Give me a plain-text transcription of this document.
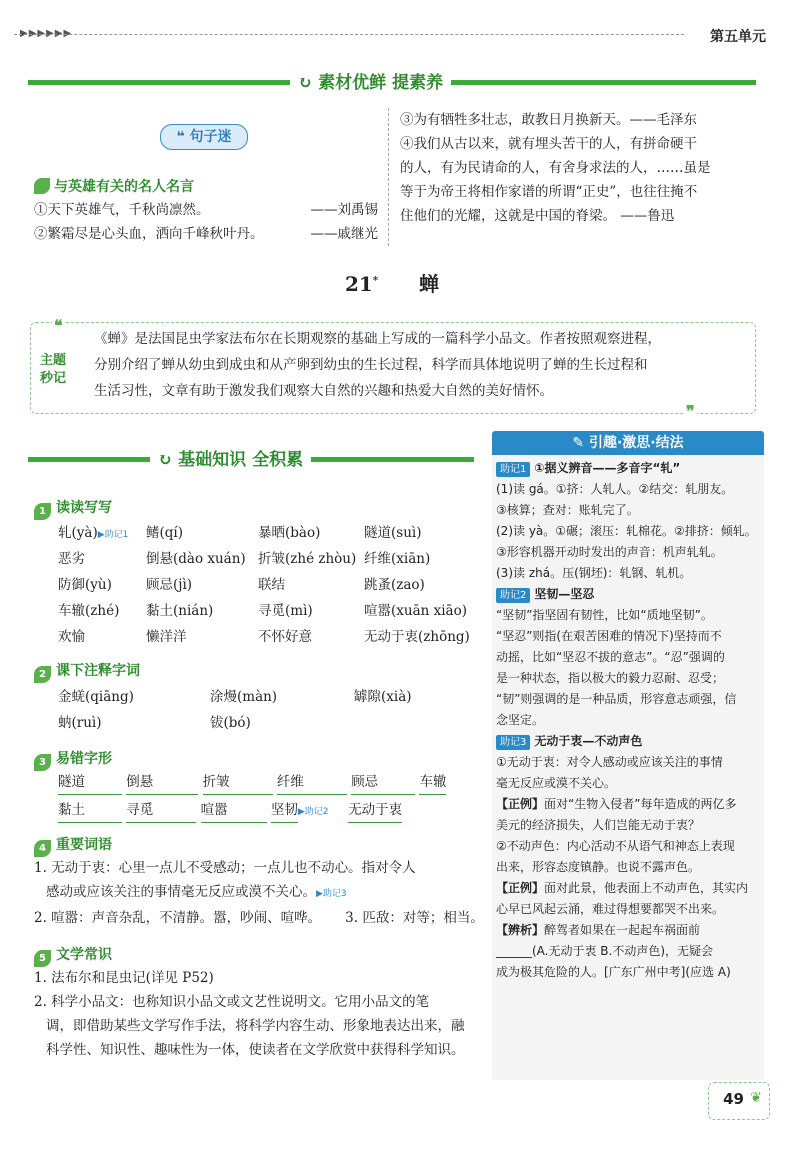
▶▶▶▶▶▶	第五单元
↻ 素材优鲜 提素养
❝ 句子迷
与英雄有关的名人名言
①天下英雄气，千秋尚凛然。	——刘禹锡
②繁霜尽是心头血，洒向千峰秋叶丹。	——戚继光
③为有牺牲多壮志，敢教日月换新天。——毛泽东
④我们从古以来，就有埋头苦干的人，有拼命硬干
的人，有为民请命的人，有舍身求法的人，……虽是
等于为帝王将相作家谱的所谓“正史”，也往往掩不
住他们的光耀，这就是中国的脊梁。 ——鲁迅
21* 蝉
❝
❞
主题
秒记
《蝉》是法国昆虫学家法布尔在长期观察的基础上写成的一篇科学小品文。作者按照观察进程，
分别介绍了蝉从幼虫到成虫和从产卵到幼虫的生长过程，科学而具体地说明了蝉的生长过程和
生活习性，文章有助于激发我们观察大自然的兴趣和热爱大自然的美好情怀。
↻ 基础知识 全积累
1 读读写写
轧(yà)▶助记1	鳍(qí)	暴晒(bào)	隧道(suì)
恶劣	倒悬(dào xuán)	折皱(zhé zhòu)	纤维(xiān)
防御(yù)	顾忌(jì)	联结	跳蚤(zao)
车辙(zhé)	黏土(nián)	寻觅(mì)	喧嚣(xuān xiāo)
欢愉	懒洋洋	不怀好意	无动于衷(zhōng)
2 课下注释字词
金蜣(qiāng)	涂熳(màn)	罅隙(xià)
蚋(ruì)	钹(bó)	
3 易错字形
隧道	倒悬	折皱	纤维	顾忌	车辙
黏土	寻觅	喧嚣	坚韧▶助记2 无动于衷
4 重要词语
1. 无动于衷：心里一点儿不受感动；一点儿也不动心。指对令人
感动或应该关注的事情毫无反应或漠不关心。▶助记3
2. 喧嚣：声音杂乱，不清静。嚣，吵闹、喧哗。 3. 匹敌：对等；相当。
5 文学常识
1. 法布尔和昆虫记(详见 P52)
2. 科学小品文：也称知识小品文或文艺性说明文。它用小品文的笔
调，即借助某些文学写作手法，将科学内容生动、形象地表达出来，融
科学性、知识性、趣味性为一体，使读者在文学欣赏中获得科学知识。
✎ 引趣·激思·结法
助记1 ①据义辨音——多音字“轧”
(1)读 gá。①挤：人轧人。②结交：轧朋友。
③核算；查对：账轧完了。
(2)读 yà。①碾；滚压：轧棉花。②排挤：倾轧。
③形容机器开动时发出的声音：机声轧轧。
(3)读 zhá。压(钢坯)：轧钢、轧机。
助记2 坚韧—坚忍
“坚韧”指坚固有韧性，比如“质地坚韧”。
“坚忍”则指(在艰苦困难的情况下)坚持而不
动摇，比如“坚忍不拔的意志”。“忍”强调的
是一种状态，指以极大的毅力忍耐、忍受；
“韧”则强调的是一种品质，形容意志顽强，信
念坚定。
助记3 无动于衷—不动声色
①无动于衷：对令人感动或应该关注的事情
毫无反应或漠不关心。
【正例】面对“生物入侵者”每年造成的两亿多
美元的经济损失，人们岂能无动于衷？
②不动声色：内心活动不从语气和神态上表现
出来，形容态度镇静。也说不露声色。
【正例】面对此景，他表面上不动声色，其实内
心早已风起云涌，难过得想要都哭不出来。
【辨析】醉驾者如果在一起起车祸面前
______(A.无动于衷 B.不动声色)，无疑会
成为极其危险的人。[广东广州中考](应选 A)
49 ❦
